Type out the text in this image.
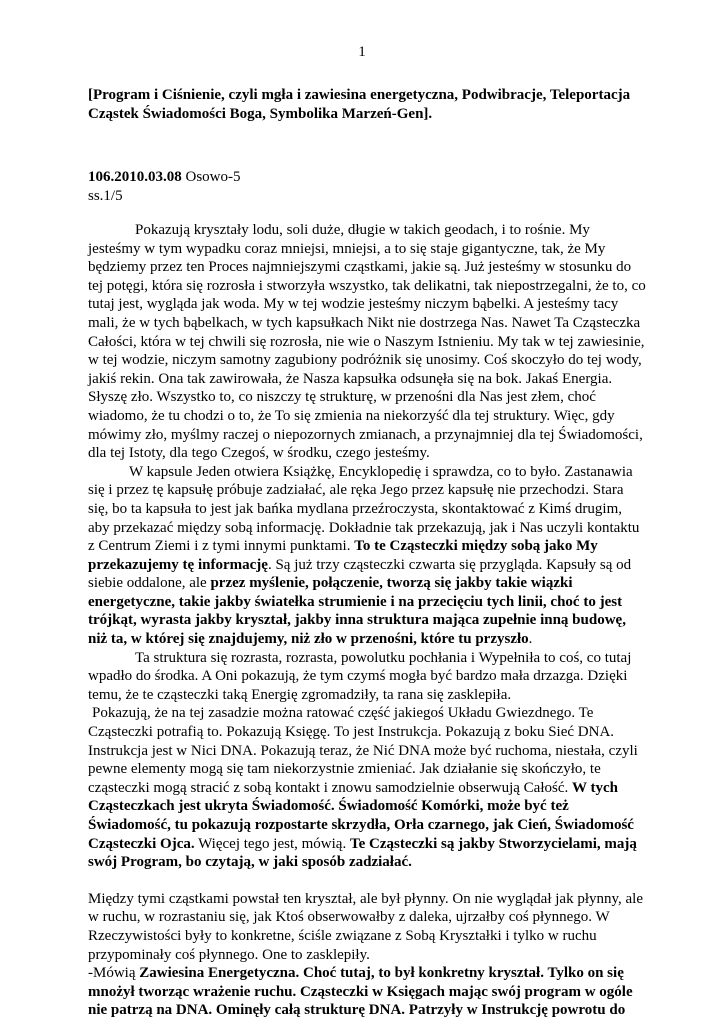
1
[Program i Ciśnienie, czyli mgła i zawiesina energetyczna, Podwibracje, Teleportacja Cząstek Świadomości Boga, Symbolika Marzeń-Gen].
106.2010.03.08 Osowo-5
ss.1/5

Pokazują kryształy lodu, soli duże, długie w takich geodach, i to rośnie. My jesteśmy w tym wypadku coraz mniejsi, mniejsi, a to się staje gigantyczne, tak, że My będziemy przez ten Proces najmniejszymi cząstkami, jakie są. Już jesteśmy w stosunku do tej potęgi, która się rozrosła i stworzyła wszystko, tak delikatni, tak niepostrzegalni, że to, co tutaj jest, wygląda jak woda. My w tej wodzie jesteśmy niczym bąbelki. A jesteśmy tacy mali, że w tych bąbelkach, w tych kapsułkach Nikt nie dostrzega Nas. Nawet Ta Cząsteczka Całości, która w tej chwili się rozrosła, nie wie o Naszym Istnieniu. My tak w tej zawiesinie, w tej wodzie, niczym samotny zagubiony podróżnik się unosimy. Coś skoczyło do tej wody, jakiś rekin. Ona tak zawirowała, że Nasza kapsułka odsunęła się na bok. Jakaś Energia. Słyszę zło. Wszystko to, co niszczy tę strukturę, w przenośni dla Nas jest złem, choć wiadomo, że tu chodzi o to, że To się zmienia na niekorzyść dla tej struktury. Więc, gdy mówimy zło, myślmy raczej o niepozornych zmianach, a przynajmniej dla tej Świadomości, dla tej Istoty, dla tego Czegoś, w środku, czego jesteśmy.

W kapsule Jeden otwiera Książkę, Encyklopedię i sprawdza, co to było. Zastanawia się i przez tę kapsułę próbuje zadziałać, ale ręka Jego przez kapsułę nie przechodzi. Stara się, bo ta kapsuła to jest jak bańka mydlana przeźroczysta, skontaktować z Kimś drugim, aby przekazać między sobą informację. Dokładnie tak przekazują, jak i Nas uczyli kontaktu z Centrum Ziemi i z tymi innymi punktami. To te Cząsteczki między sobą jako My przekazujemy tę informację. Są już trzy cząsteczki czwarta się przygląda. Kapsuły są od siebie oddalone, ale przez myślenie, połączenie, tworzą się jakby takie wiązki energetyczne, takie jakby światełka strumienie i na przecięciu tych linii, choć to jest trójkąt, wyrasta jakby kryształ, jakby inna struktura mająca zupełnie inną budowę, niż ta, w której się znajdujemy, niż zło w przenośni, które tu przyszło.

Ta struktura się rozrasta, rozrasta, powolutku pochłania i Wypełniła to coś, co tutaj wpadło do środka. A Oni pokazują, że tym czymś mogła być bardzo mała drzazga. Dzięki temu, że te cząsteczki taką Energię zgromadziły, ta rana się zasklepiła.

Pokazują, że na tej zasadzie można ratować część jakiegoś Układu Gwiezdnego. Te Cząsteczki potrafią to. Pokazują Księgę. To jest Instrukcja. Pokazują z boku Sieć DNA. Instrukcja jest w Nici DNA. Pokazują teraz, że Nić DNA może być ruchoma, niestała, czyli pewne elementy mogą się tam niekorzystnie zmieniać. Jak działanie się skończyło, te cząsteczki mogą stracić z sobą kontakt i znowu samodzielnie obserwują Całość. W tych Cząsteczkach jest ukryta Świadomość. Świadomość Komórki, może być też Świadomość, tu pokazują rozpostarte skrzydła, Orła czarnego, jak Cień, Świadomość Cząsteczki Ojca. Więcej tego jest, mówią. Te Cząsteczki są jakby Stworzycielami, mają swój Program, bo czytają, w jaki sposób zadziałać.

Między tymi cząstkami powstał ten kryształ, ale był płynny. On nie wyglądał jak płynny, ale w ruchu, w rozrastaniu się, jak Ktoś obserwowałby z daleka, ujrzałby coś płynnego. W Rzeczywistości były to konkretne, ściśle związane z Sobą Kryształki i tylko w ruchu przypominały coś płynnego. One to zasklepiły.

-Mówią Zawiesina Energetyczna. Choć tutaj, to był konkretny kryształ. Tylko on się mnożył tworząc wrażenie ruchu. Cząsteczki w Księgach mając swój program w ogóle nie patrzą na DNA. Ominęły całą strukturę DNA. Patrzyły w Instrukcję powrotu do
